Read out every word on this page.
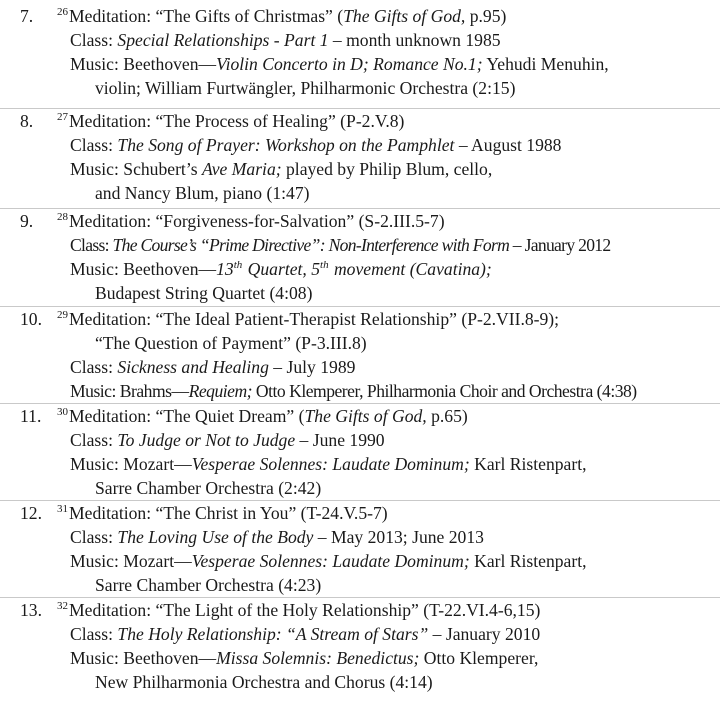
7. $^{26}$Meditation: “The Gifts of Christmas” (The Gifts of God, p.95)
Class: Special Relationships - Part 1 – month unknown 1985
Music: Beethoven—Violin Concerto in D; Romance No.1; Yehudi Menuhin,
violin; William Furtwängler, Philharmonic Orchestra (2:15)
8. $^{27}$Meditation: “The Process of Healing” (P-2.V.8)
Class: The Song of Prayer: Workshop on the Pamphlet – August 1988
Music: Schubert’s Ave Maria; played by Philip Blum, cello,
and Nancy Blum, piano (1:47)
9. $^{28}$Meditation: “Forgiveness-for-Salvation” (S-2.III.5-7)
Class: The Course’s “Prime Directive”: Non-Interference with Form – January 2012
Music: Beethoven—13th Quartet, 5th movement (Cavatina);
Budapest String Quartet (4:08)
10. $^{29}$Meditation: “The Ideal Patient-Therapist Relationship” (P-2.VII.8-9);
“The Question of Payment” (P-3.III.8)
Class: Sickness and Healing – July 1989
Music: Brahms—Requiem; Otto Klemperer, Philharmonia Choir and Orchestra (4:38)
11. $^{30}$Meditation: “The Quiet Dream” (The Gifts of God, p.65)
Class: To Judge or Not to Judge – June 1990
Music: Mozart—Vesperae Solennes: Laudate Dominum; Karl Ristenpart,
Sarre Chamber Orchestra (2:42)
12. $^{31}$Meditation: “The Christ in You” (T-24.V.5-7)
Class: The Loving Use of the Body – May 2013; June 2013
Music: Mozart—Vesperae Solennes: Laudate Dominum; Karl Ristenpart,
Sarre Chamber Orchestra (4:23)
13. $^{32}$Meditation: “The Light of the Holy Relationship” (T-22.VI.4-6,15)
Class: The Holy Relationship: “A Stream of Stars” – January 2010
Music: Beethoven—Missa Solemnis: Benedictus; Otto Klemperer,
New Philharmonia Orchestra and Chorus (4:14)
